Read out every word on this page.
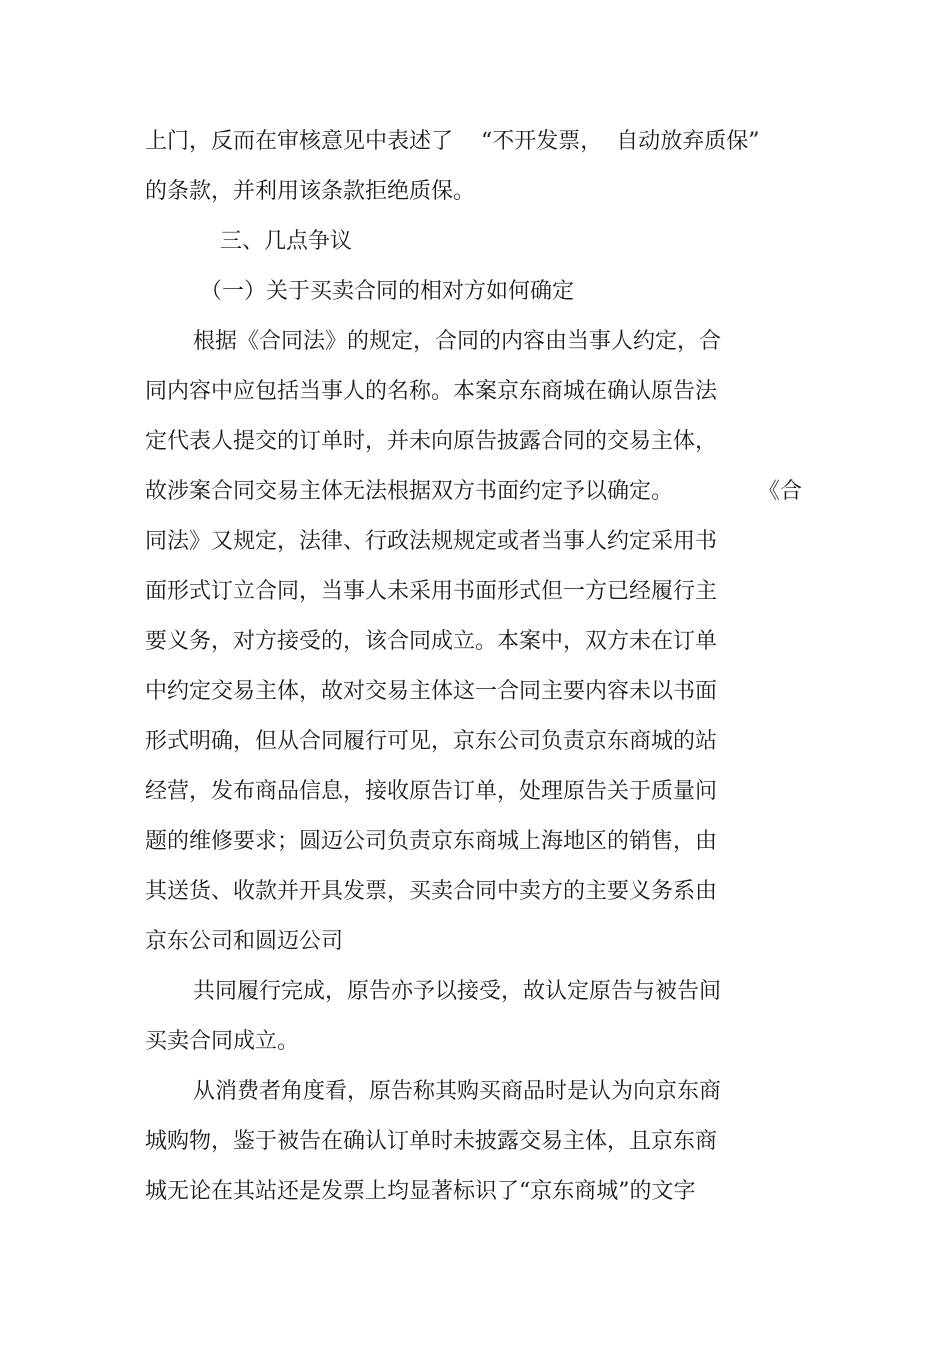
上门，反而在审核意见中表述了    “不开发票，  自动放弃质保”
的条款，并利用该条款拒绝质保。
三、几点争议
（一）关于买卖合同的相对方如何确定
根据《合同法》的规定，合同的内容由当事人约定，合
同内容中应包括当事人的名称。本案京东商城在确认原告法
定代表人提交的订单时，并未向原告披露合同的交易主体，
故涉案合同交易主体无法根据双方书面约定予以确定。	《合
同法》又规定，法律、行政法规规定或者当事人约定采用书
面形式订立合同，当事人未采用书面形式但一方已经履行主
要义务，对方接受的，该合同成立。本案中，双方未在订单
中约定交易主体，故对交易主体这一合同主要内容未以书面
形式明确，但从合同履行可见，京东公司负责京东商城的站
经营，发布商品信息，接收原告订单，处理原告关于质量问
题的维修要求；圆迈公司负责京东商城上海地区的销售，由
其送货、收款并开具发票，买卖合同中卖方的主要义务系由
京东公司和圆迈公司
共同履行完成，原告亦予以接受，故认定原告与被告间
买卖合同成立。
从消费者角度看，原告称其购买商品时是认为向京东商
城购物，鉴于被告在确认订单时未披露交易主体，且京东商
城无论在其站还是发票上均显著标识了“京东商城”的文字
